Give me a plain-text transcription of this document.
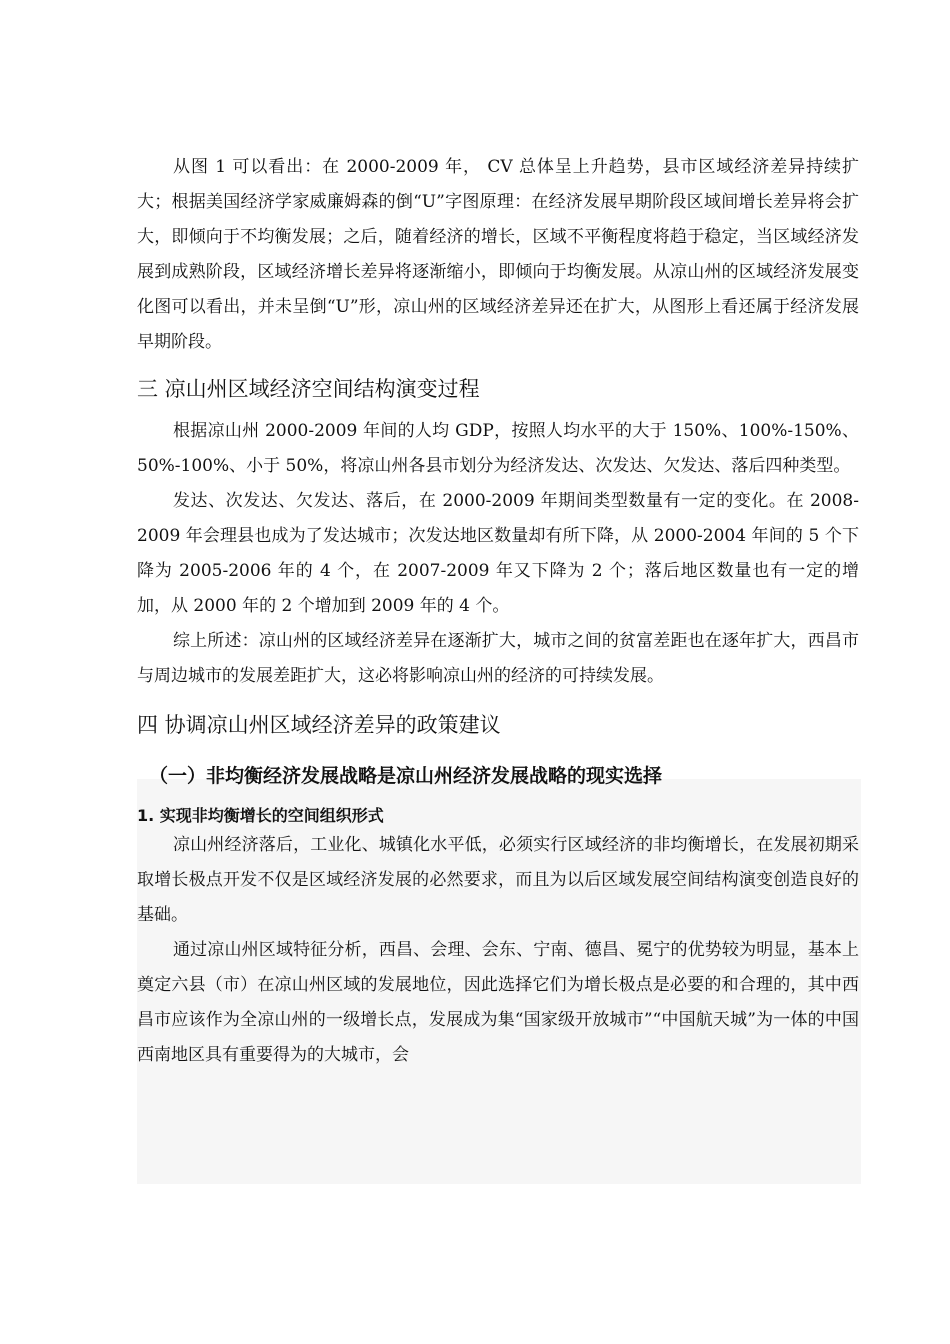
从图 1 可以看出：在 2000-2009 年， CV 总体呈上升趋势，县市区域经济差异持续扩大；根据美国经济学家威廉姆森的倒“U”字图原理：在经济发展早期阶段区域间增长差异将会扩大，即倾向于不均衡发展；之后，随着经济的增长，区域不平衡程度将趋于稳定，当区域经济发展到成熟阶段，区域经济增长差异将逐渐缩小，即倾向于均衡发展。从凉山州的区域经济发展变化图可以看出，并未呈倒“U”形，凉山州的区域经济差异还在扩大，从图形上看还属于经济发展早期阶段。

三 凉山州区域经济空间结构演变过程

根据凉山州 2000-2009 年间的人均 GDP，按照人均水平的大于 150%、100%-150%、50%-100%、小于 50%，将凉山州各县市划分为经济发达、次发达、欠发达、落后四种类型。

发达、次发达、欠发达、落后，在 2000-2009 年期间类型数量有一定的变化。在 2008-2009 年会理县也成为了发达城市；次发达地区数量却有所下降，从 2000-2004 年间的 5 个下降为 2005-2006 年的 4 个，在 2007-2009 年又下降为 2 个；落后地区数量也有一定的增加，从 2000 年的 2 个增加到 2009 年的 4 个。

综上所述：凉山州的区域经济差异在逐渐扩大，城市之间的贫富差距也在逐年扩大，西昌市与周边城市的发展差距扩大，这必将影响凉山州的经济的可持续发展。

四 协调凉山州区域经济差异的政策建议
（一）非均衡经济发展战略是凉山州经济发展战略的现实选择
1. 实现非均衡增长的空间组织形式

凉山州经济落后，工业化、城镇化水平低，必须实行区域经济的非均衡增长，在发展初期采取增长极点开发不仅是区域经济发展的必然要求，而且为以后区域发展空间结构演变创造良好的基础。

通过凉山州区域特征分析，西昌、会理、会东、宁南、德昌、冕宁的优势较为明显，基本上奠定六县（市）在凉山州区域的发展地位，因此选择它们为增长极点是必要的和合理的，其中西昌市应该作为全凉山州的一级增长点，发展成为集“国家级开放城市”“中国航天城”为一体的中国西南地区具有重要得为的大城市，会
